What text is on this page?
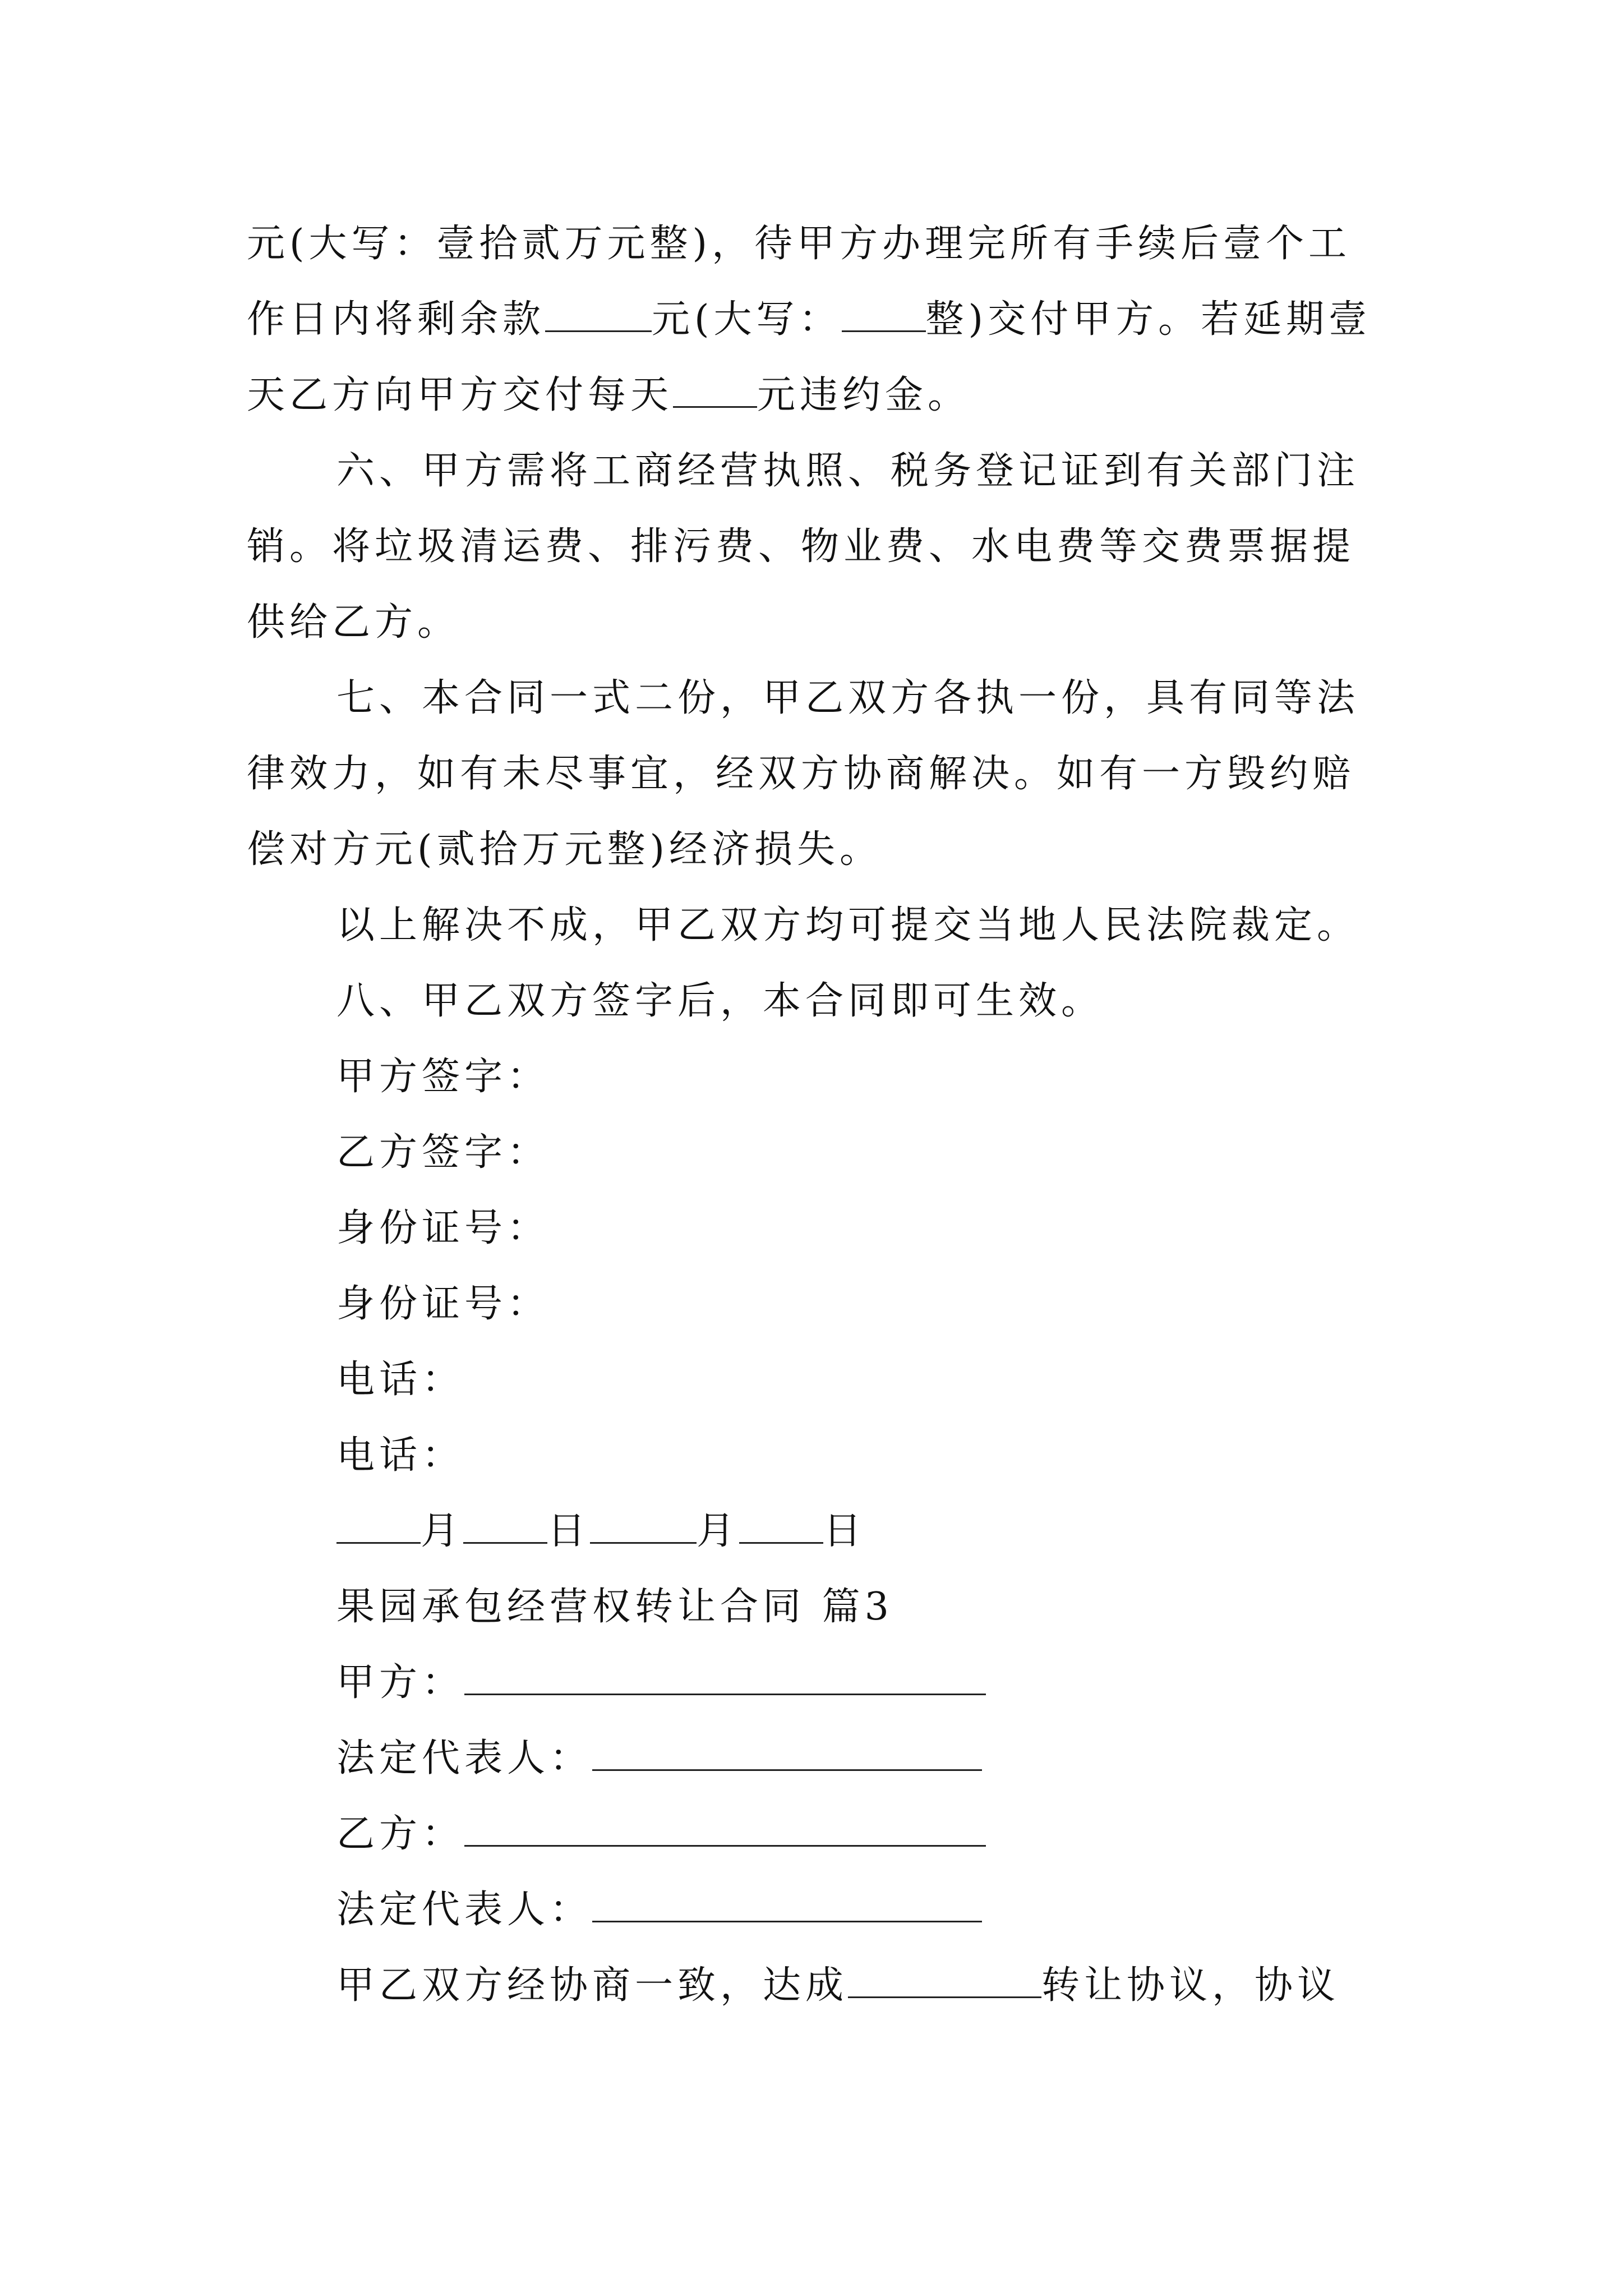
元(大写：壹拾贰万元整)，待甲方办理完所有手续后壹个工
作日内将剩余款	元(大写： 整)交付甲方。若延期壹
天乙方向甲方交付每天 元违约金。
六、甲方需将工商经营执照、税务登记证到有关部门注
销。将垃圾清运费、排污费、物业费、水电费等交费票据提
供给乙方。
七、本合同一式二份，甲乙双方各执一份，具有同等法
律效力，如有未尽事宜，经双方协商解决。如有一方毁约赔
偿对方元(贰拾万元整)经济损失。
以上解决不成，甲乙双方均可提交当地人民法院裁定。
八、甲乙双方签字后，本合同即可生效。
甲方签字：
乙方签字：
身份证号：
身份证号：
电话：
电话：
月 日	月 日
果园承包经营权转让合同 篇3
甲方：
法定代表人：
乙方：
法定代表人：
甲乙双方经协商一致，达成	转让协议，协议
